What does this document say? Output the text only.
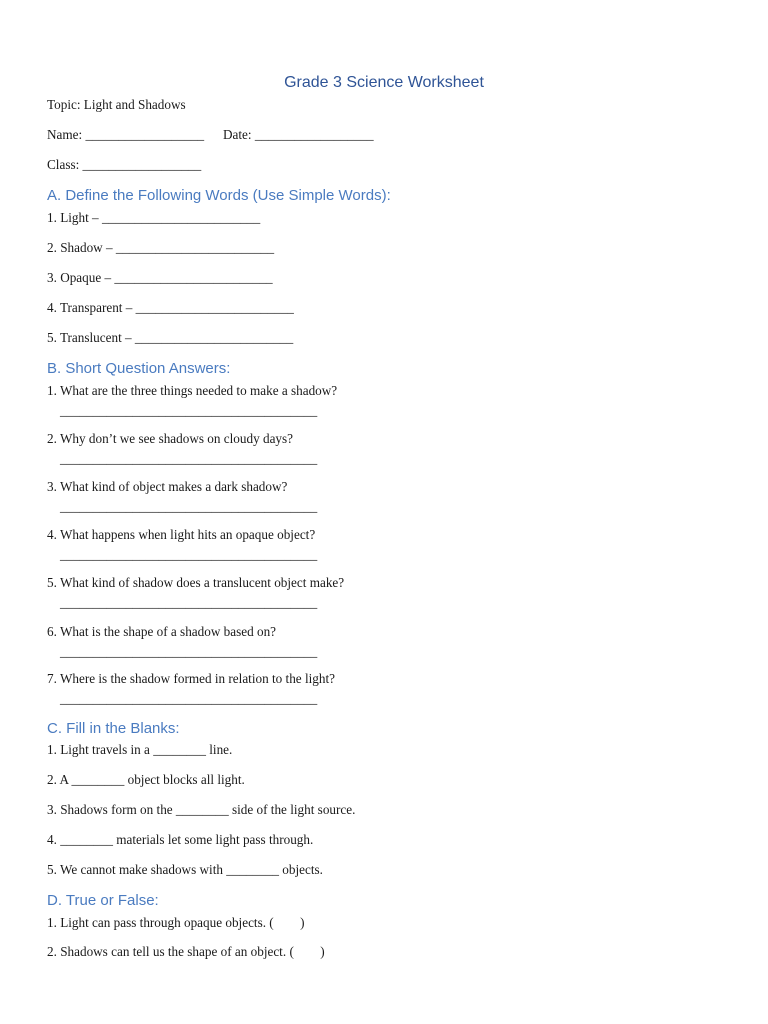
Grade 3 Science Worksheet
Topic: Light and Shadows
Name: __________________ Date: __________________
Class: __________________
A. Define the Following Words (Use Simple Words):
1. Light – ________________________
2. Shadow – ________________________
3. Opaque – ________________________
4. Transparent – ________________________
5. Translucent – ________________________
B. Short Question Answers:
1. What are the three things needed to make a shadow?
_______________________________________
2. Why don’t we see shadows on cloudy days?
_______________________________________
3. What kind of object makes a dark shadow?
_______________________________________
4. What happens when light hits an opaque object?
_______________________________________
5. What kind of shadow does a translucent object make?
_______________________________________
6. What is the shape of a shadow based on?
_______________________________________
7. Where is the shadow formed in relation to the light?
_______________________________________
C. Fill in the Blanks:
1. Light travels in a ________ line.
2. A ________ object blocks all light.
3. Shadows form on the ________ side of the light source.
4. ________ materials let some light pass through.
5. We cannot make shadows with ________ objects.
D. True or False:
1. Light can pass through opaque objects. (        )
2. Shadows can tell us the shape of an object. (        )
